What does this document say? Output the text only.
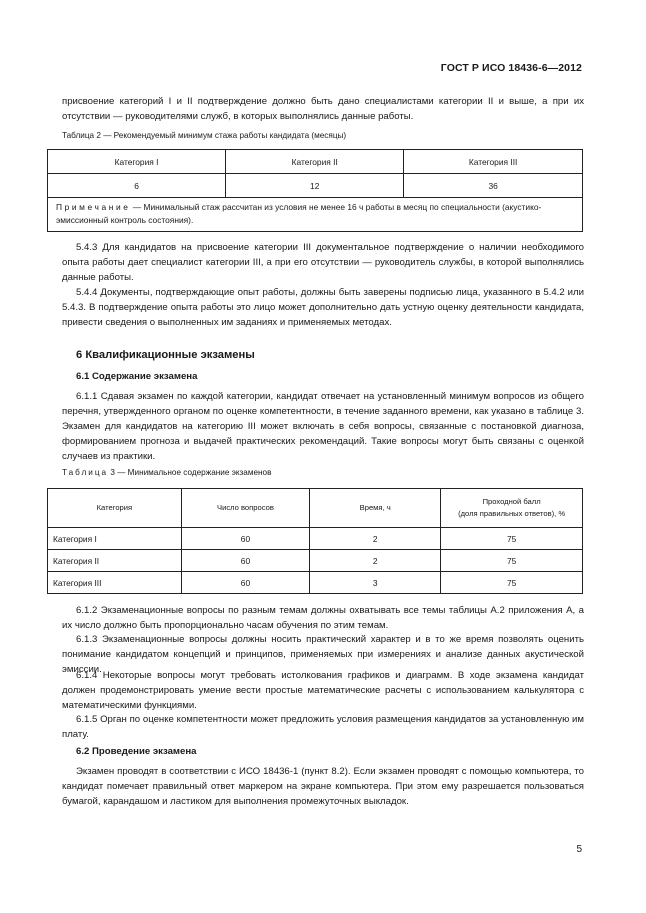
ГОСТ Р ИСО 18436-6—2012

присвоение категорий I и II подтверждение должно быть дано специалистами категории II и выше, а при их отсутствии — руководителями служб, в которых выполнялись данные работы.

Таблица 2 — Рекомендуемый минимум стажа работы кандидата (месяцы)
Категория I	Категория II	Категория III
6	12	36
Примечание — Минимальный стаж рассчитан из условия не менее 16 ч работы в месяц по специальности (акустико-эмиссионный контроль состояния).		

5.4.3 Для кандидатов на присвоение категории III документальное подтверждение о наличии необходимого опыта работы дает специалист категории III, а при его отсутствии — руководитель службы, в которой выполнялись данные работы.

5.4.4 Документы, подтверждающие опыт работы, должны быть заверены подписью лица, указанного в 5.4.2 или 5.4.3. В подтверждение опыта работы это лицо может дополнительно дать устную оценку деятельности кандидата, привести сведения о выполненных им заданиях и применяемых методах.

6 Квалификационные экзамены
6.1 Содержание экзамена

6.1.1 Сдавая экзамен по каждой категории, кандидат отвечает на установленный минимум вопросов из общего перечня, утвержденного органом по оценке компетентности, в течение заданного времени, как указано в таблице 3. Экзамен для кандидатов на категорию III может включать в себя вопросы, связанные с постановкой диагноза, формированием прогноза и выдачей практических рекомендаций. Такие вопросы могут быть связаны с оценкой случаев из практики.

Таблица 3 — Минимальное содержание экзаменов
Категория	Число вопросов	Время, ч	Проходной балл
(доля правильных ответов), %
Категория I	60	2	75
Категория II	60	2	75
Категория III	60	3	75

6.1.2 Экзаменационные вопросы по разным темам должны охватывать все темы таблицы А.2 приложения А, а их число должно быть пропорционально часам обучения по этим темам.

6.1.3 Экзаменационные вопросы должны носить практический характер и в то же время позволять оценить понимание кандидатом концепций и принципов, применяемых при измерениях и анализе данных акустической эмиссии.

6.1.4 Некоторые вопросы могут требовать истолкования графиков и диаграмм. В ходе экзамена кандидат должен продемонстрировать умение вести простые математические расчеты с использованием калькулятора с математическими функциями.

6.1.5 Орган по оценке компетентности может предложить условия размещения кандидатов за установленную им плату.

6.2 Проведение экзамена

Экзамен проводят в соответствии с ИСО 18436-1 (пункт 8.2). Если экзамен проводят с помощью компьютера, то кандидат помечает правильный ответ маркером на экране компьютера. При этом ему разрешается пользоваться бумагой, карандашом и ластиком для выполнения промежуточных выкладок.

5
